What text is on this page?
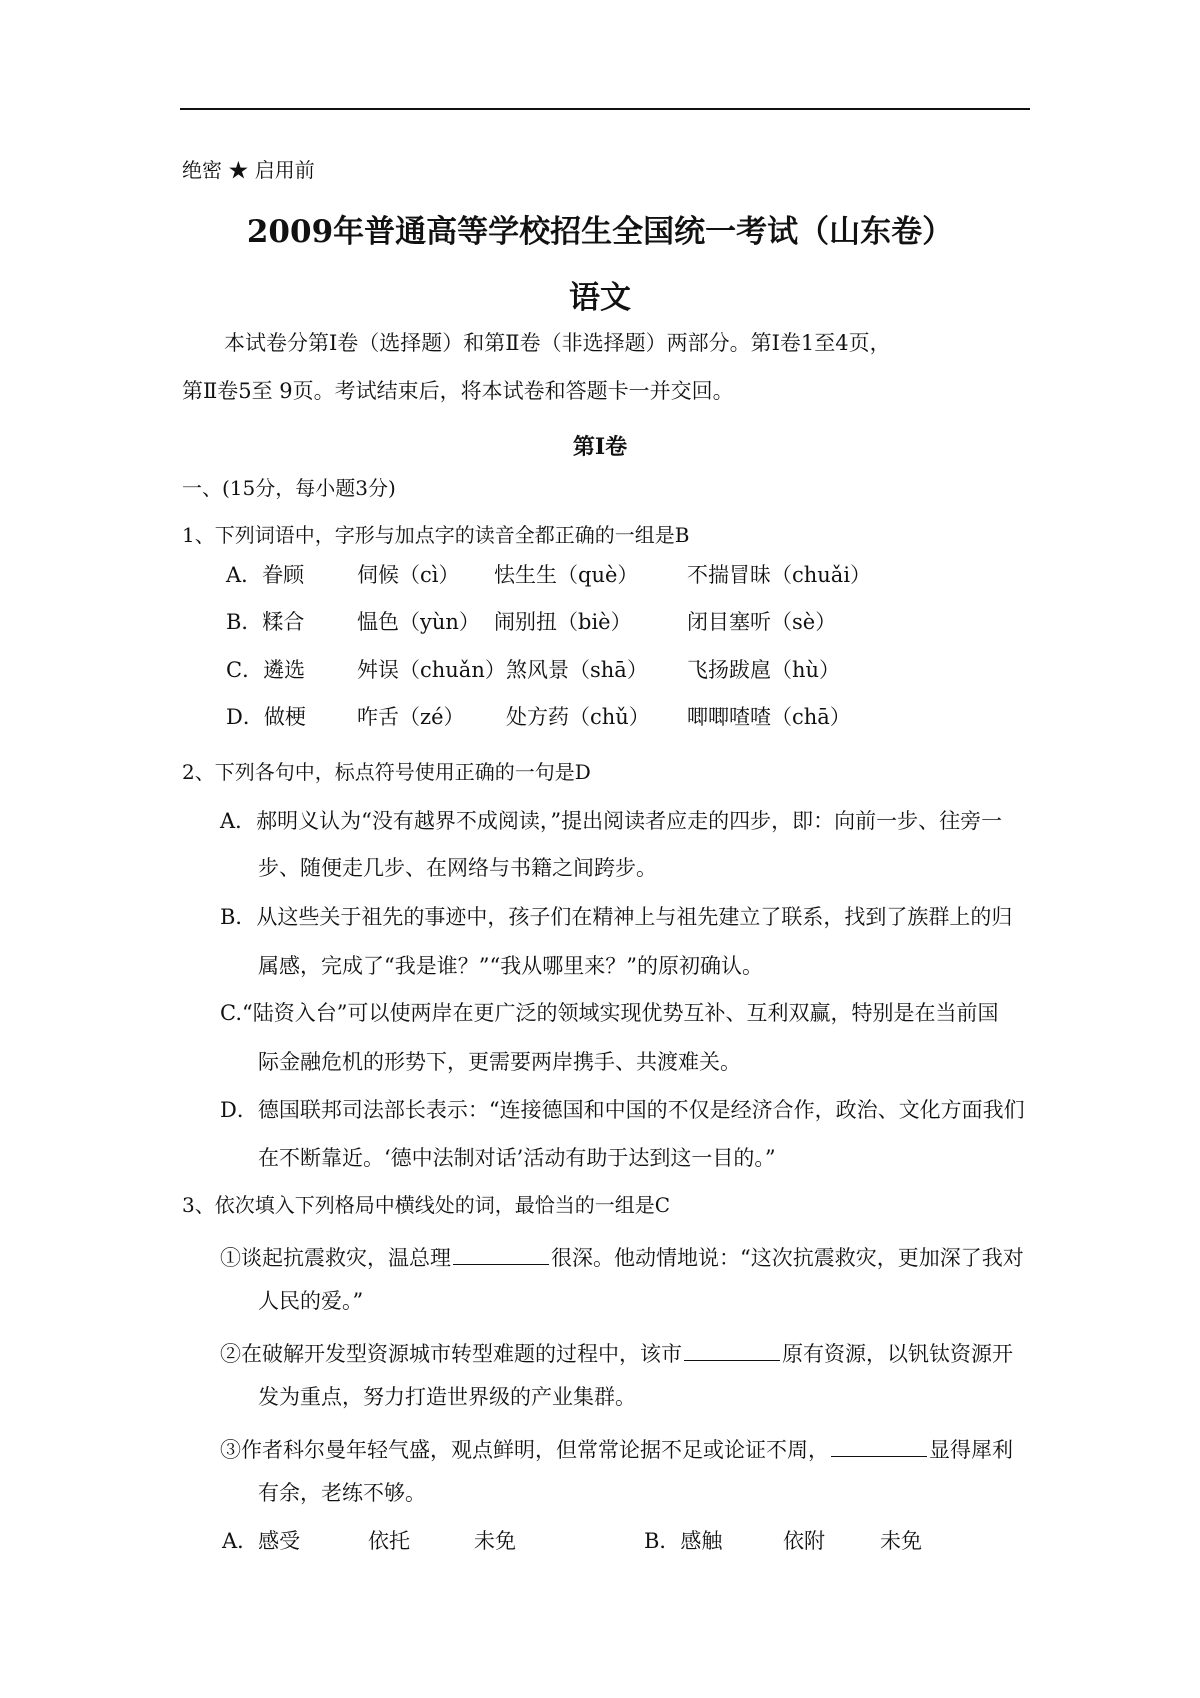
绝密 ★ 启用前
2009年普通高等学校招生全国统一考试（山东卷）
语文
本试卷分第Ⅰ卷（选择题）和第Ⅱ卷（非选择题）两部分。第Ⅰ卷1至4页，
第Ⅱ卷5至 9页。考试结束后，将本试卷和答题卡一并交回。
第Ⅰ卷
一、(15分，每小题3分)
1、下列词语中，字形与加点字的读音全都正确的一组是B
A．眷顾	伺候（cì） 怯生生（què） 不揣冒昧（chuǎi）
B．糅合	愠色（yùn） 闹别扭（biè）	闭目塞听（sè）
C．遴选 舛误（chuǎn） 煞风景（shā） 飞扬跋扈（hù）
D．做梗 咋舌（zé） 处方药（chǔ） 唧唧喳喳（chā）
2、下列各句中，标点符号使用正确的一句是D
A．郝明义认为“没有越界不成阅读，”提出阅读者应走的四步，即：向前一步、往旁一
步、随便走几步、在网络与书籍之间跨步。
B．从这些关于祖先的事迹中，孩子们在精神上与祖先建立了联系，找到了族群上的归
属感，完成了“我是谁？”“我从哪里来？”的原初确认。
C.“陆资入台”可以使两岸在更广泛的领域实现优势互补、互利双赢，特别是在当前国
际金融危机的形势下，更需要两岸携手、共渡难关。
D．德国联邦司法部长表示：“连接德国和中国的不仅是经济合作，政治、文化方面我们
在不断靠近。‘德中法制对话’活动有助于达到这一目的。”
3、依次填入下列格局中横线处的词，最恰当的一组是C
①谈起抗震救灾，温总理	很深。他动情地说：“这次抗震救灾，更加深了我对
人民的爱。”
②在破解开发型资源城市转型难题的过程中，该市	原有资源，以钒钛资源开
发为重点，努力打造世界级的产业集群。
③作者科尔曼年轻气盛，观点鲜明，但常常论据不足或论证不周，	显得犀利
有余，老练不够。
A．感受	依托	未免	B．感触	依附	未免
